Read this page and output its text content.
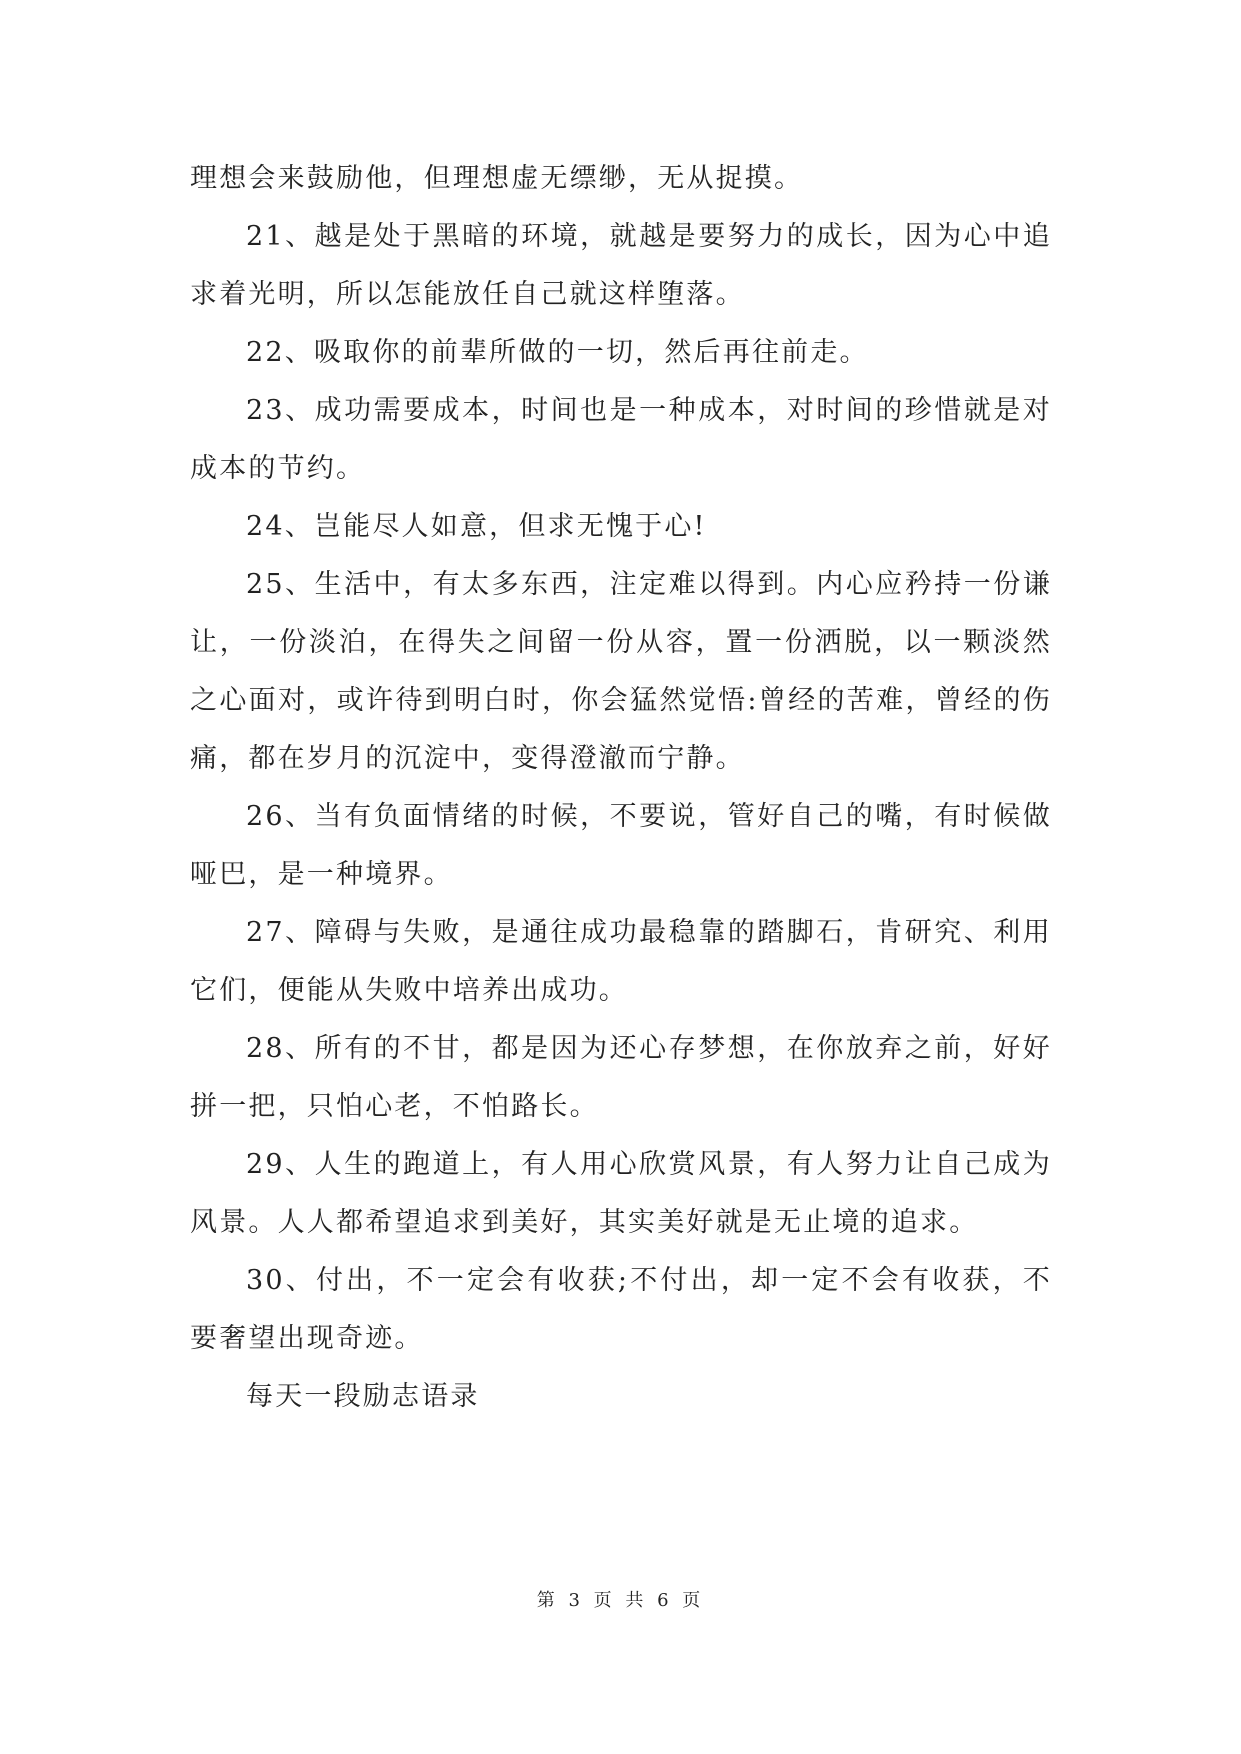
理想会来鼓励他，但理想虚无缥缈，无从捉摸。

21、越是处于黑暗的环境，就越是要努力的成长，因为心中追求着光明，所以怎能放任自己就这样堕落。

22、吸取你的前辈所做的一切，然后再往前走。

23、成功需要成本，时间也是一种成本，对时间的珍惜就是对成本的节约。

24、岂能尽人如意，但求无愧于心!

25、生活中，有太多东西，注定难以得到。内心应矜持一份谦让，一份淡泊，在得失之间留一份从容，置一份洒脱，以一颗淡然之心面对，或许待到明白时，你会猛然觉悟:曾经的苦难，曾经的伤痛，都在岁月的沉淀中，变得澄澈而宁静。

26、当有负面情绪的时候，不要说，管好自己的嘴，有时候做哑巴，是一种境界。

27、障碍与失败，是通往成功最稳靠的踏脚石，肯研究、利用它们，便能从失败中培养出成功。

28、所有的不甘，都是因为还心存梦想，在你放弃之前，好好拼一把，只怕心老，不怕路长。

29、人生的跑道上，有人用心欣赏风景，有人努力让自己成为风景。人人都希望追求到美好，其实美好就是无止境的追求。

30、付出，不一定会有收获;不付出，却一定不会有收获，不要奢望出现奇迹。

每天一段励志语录

第 3 页 共 6 页
